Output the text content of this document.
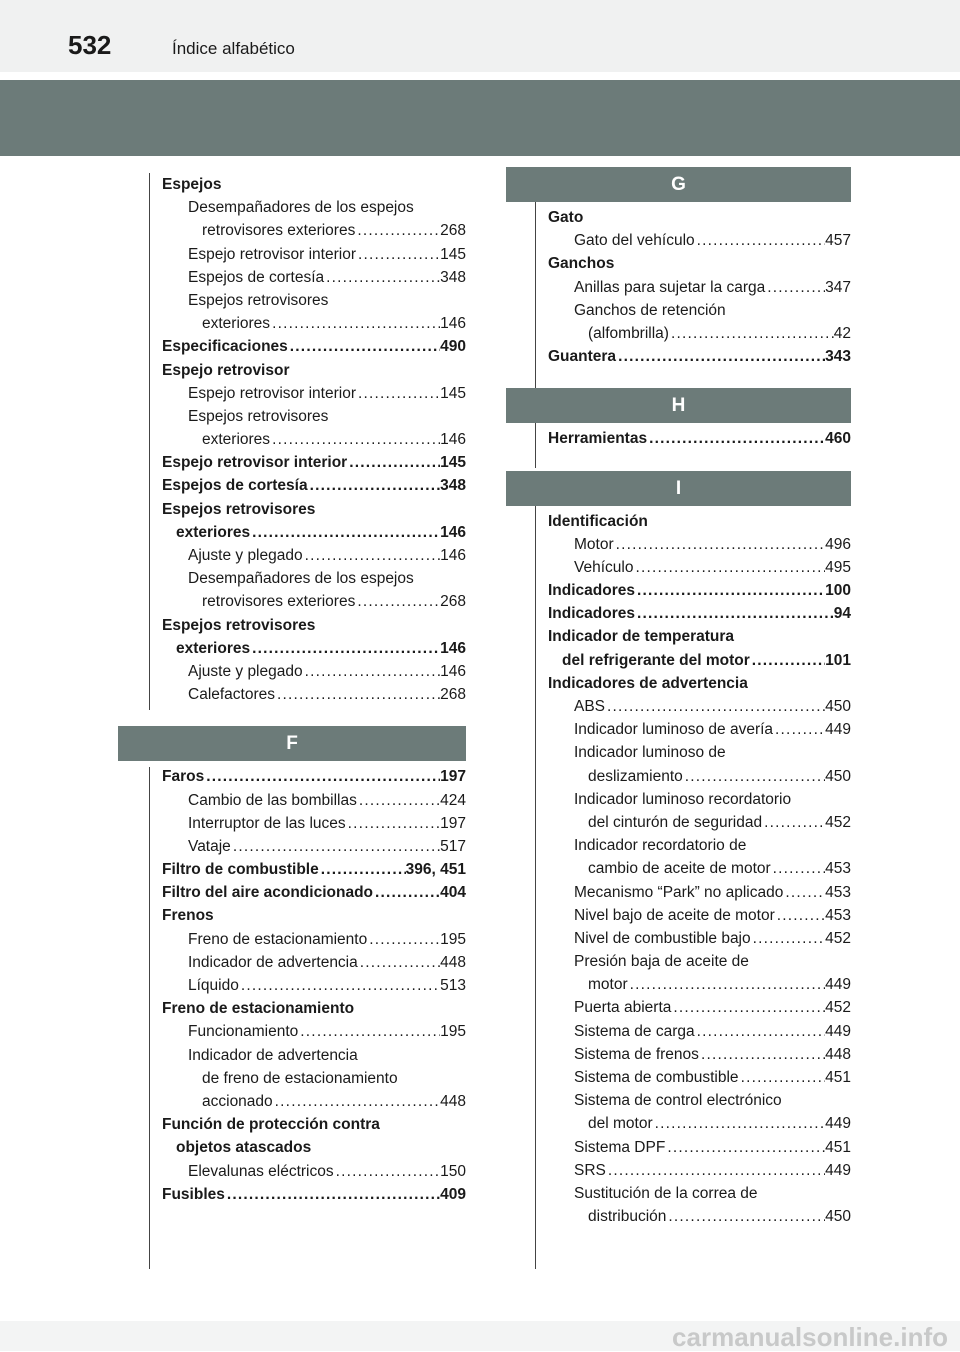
532	Índice alfabético
Espejos
Desempañadores de los espejos
retrovisores exteriores .....	268
Espejo retrovisor interior .....	145
Espejos de cortesía .....	348
Espejos retrovisores
exteriores .....	146
Especificaciones .....	490
Espejo retrovisor
Espejo retrovisor interior .....	145
Espejos retrovisores
exteriores .....	146
Espejo retrovisor interior .....	145
Espejos de cortesía .....	348
Espejos retrovisores
exteriores .....	146
Ajuste y plegado .....	146
Desempañadores de los espejos
retrovisores exteriores .....	268
Espejos retrovisores
exteriores .....	146
Ajuste y plegado .....	146
Calefactores .....	268
F
Faros .....	197
Cambio de las bombillas .....	424
Interruptor de las luces .....	197
Vataje .....	517
Filtro de combustible .....	396, 451
Filtro del aire acondicionado .....	404
Frenos
Freno de estacionamiento .....	195
Indicador de advertencia .....	448
Líquido .....	513
Freno de estacionamiento
Funcionamiento .....	195
Indicador de advertencia
de freno de estacionamiento
accionado .....	448
Función de protección contra
objetos atascados
Elevalunas eléctricos .....	150
Fusibles .....	409
G
Gato
Gato del vehículo .....	457
Ganchos
Anillas para sujetar la carga .....	347
Ganchos de retención
(alfombrilla) .....	42
Guantera .....	343
H
Herramientas .....	460
I
Identificación
Motor .....	496
Vehículo .....	495
Indicadores .....	100
Indicadores .....	94
Indicador de temperatura
del refrigerante del motor .....	101
Indicadores de advertencia
ABS .....	450
Indicador luminoso de avería .....	449
Indicador luminoso de
deslizamiento .....	450
Indicador luminoso recordatorio
del cinturón de seguridad .....	452
Indicador recordatorio de
cambio de aceite de motor .....	453
Mecanismo “Park” no aplicado .....	453
Nivel bajo de aceite de motor .....	453
Nivel de combustible bajo .....	452
Presión baja de aceite de
motor .....	449
Puerta abierta .....	452
Sistema de carga .....	449
Sistema de frenos .....	448
Sistema de combustible .....	451
Sistema de control electrónico
del motor .....	449
Sistema DPF .....	451
SRS .....	449
Sustitución de la correa de
distribución .....	450
carmanualsonline.info
